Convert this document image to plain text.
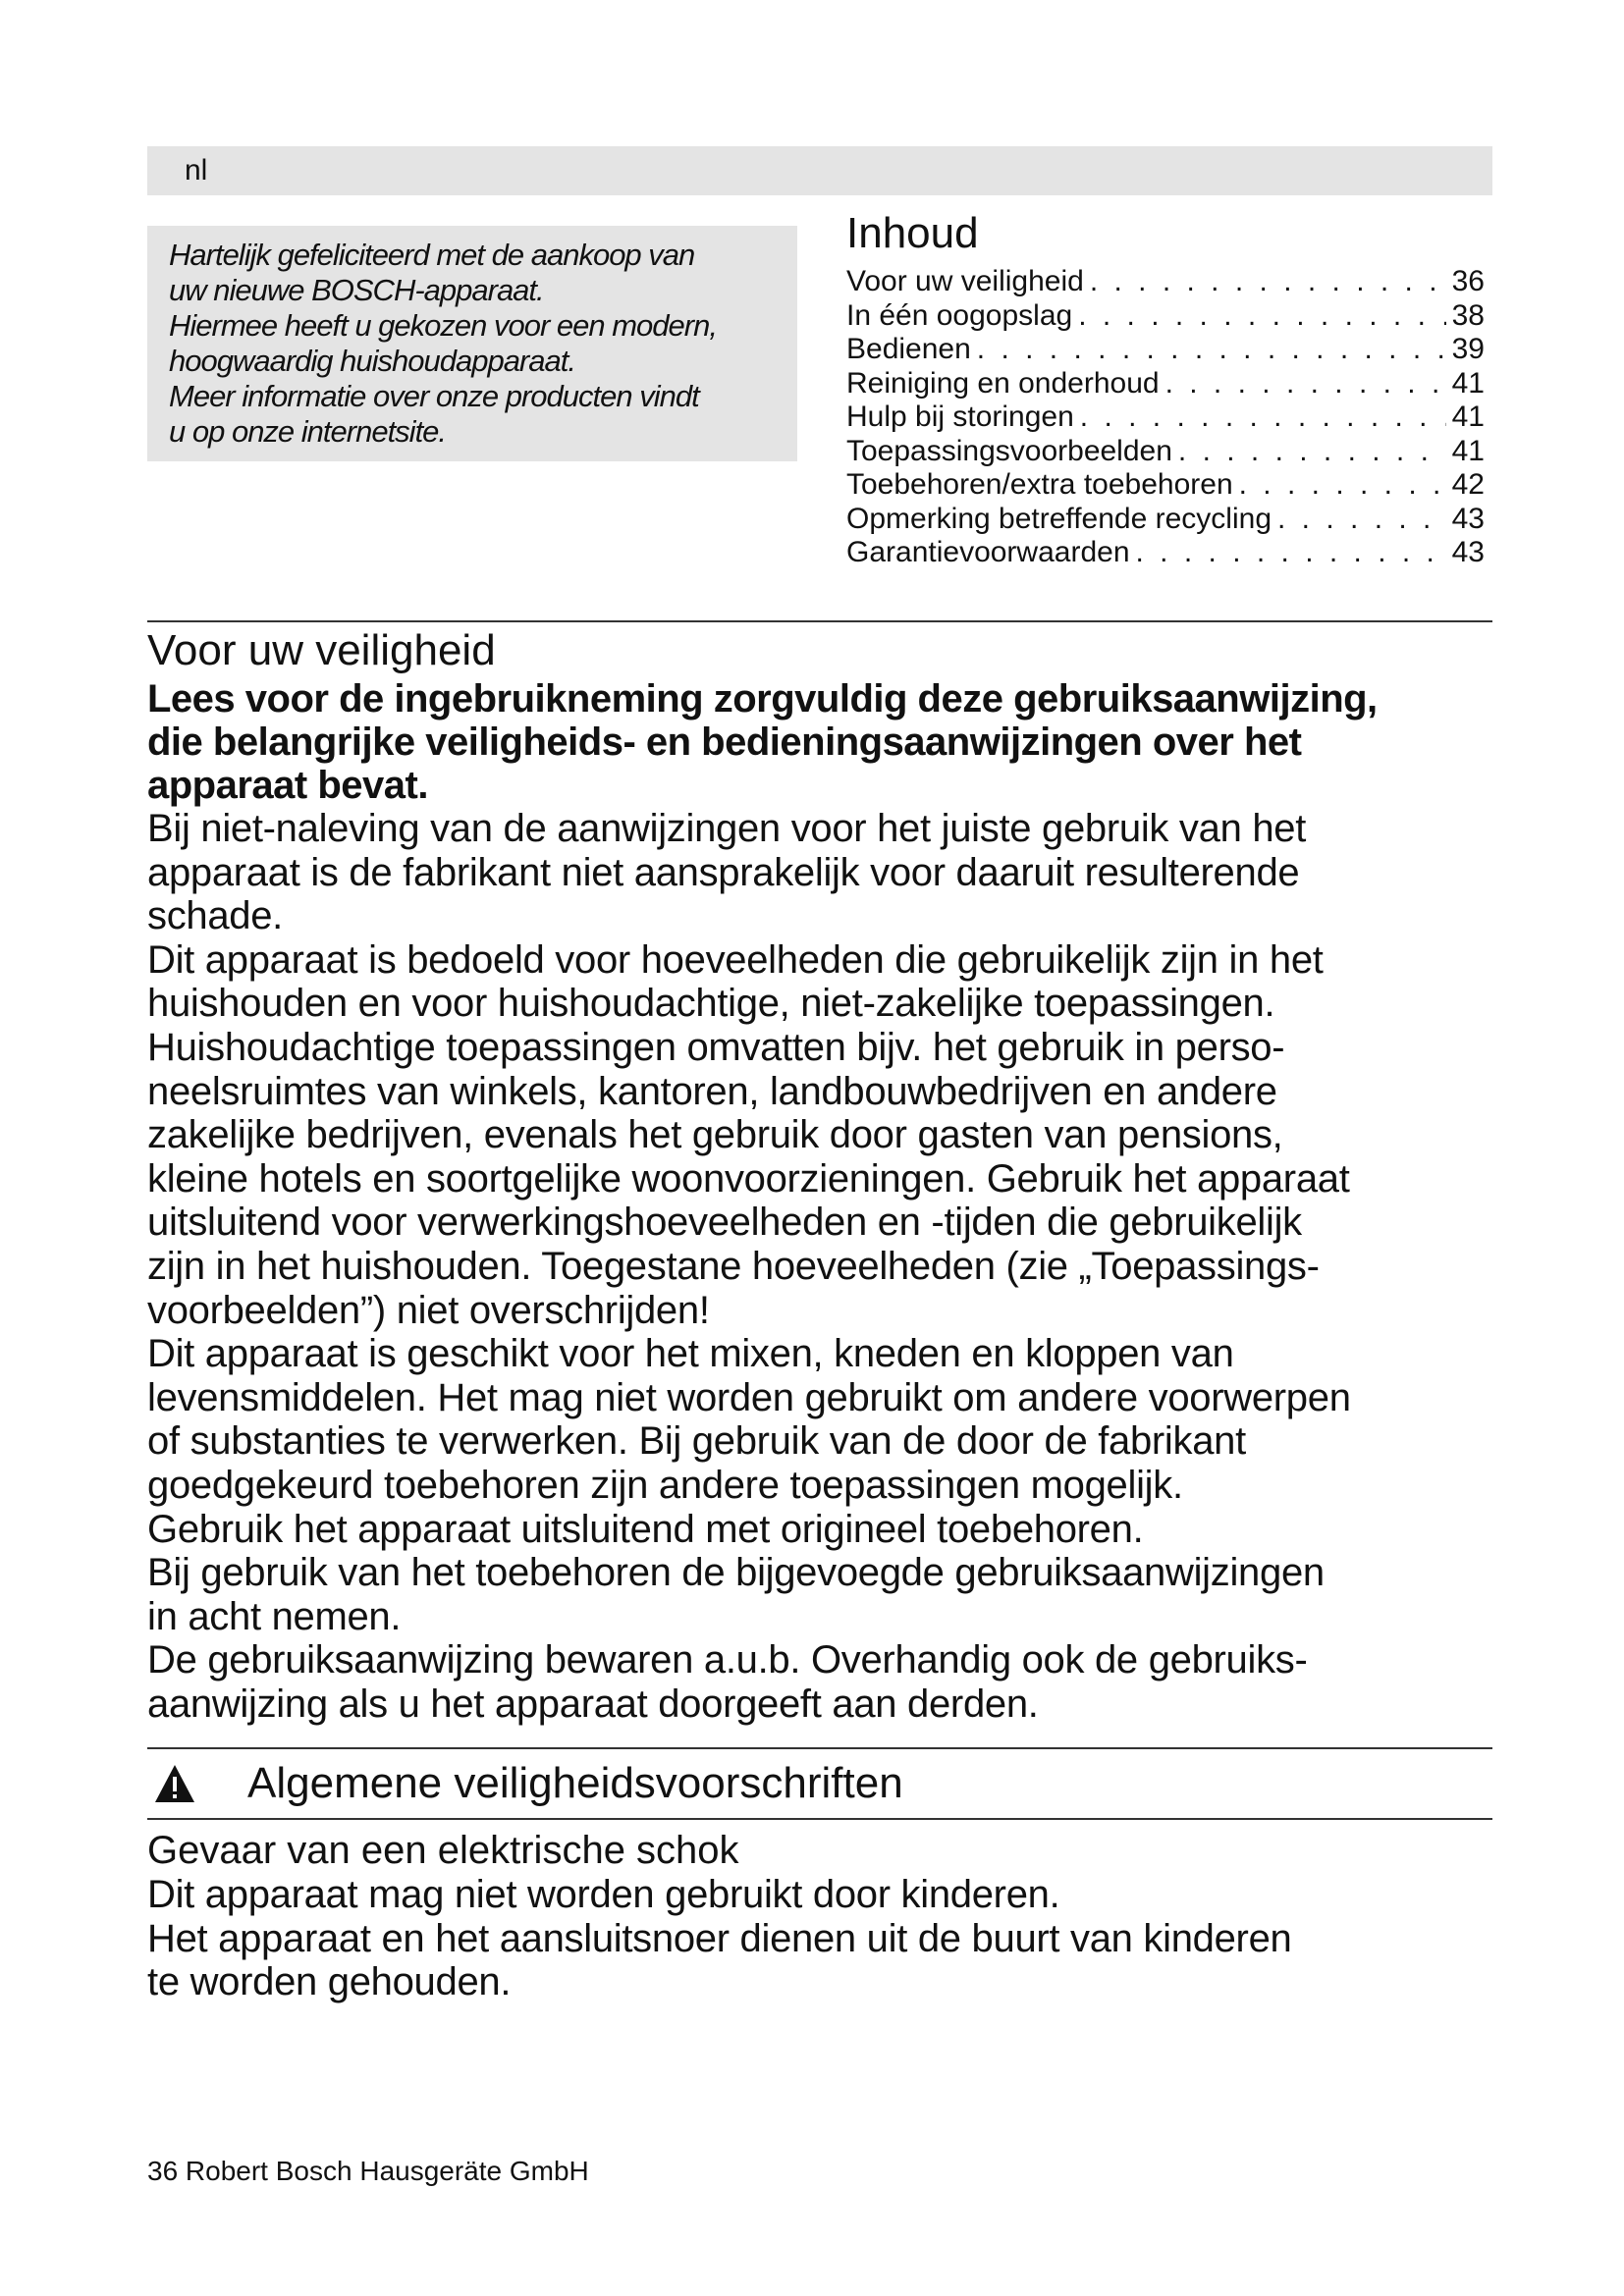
nl

Hartelijk gefeliciteerd met de aankoop van

uw nieuwe BOSCH-apparaat.

Hiermee heeft u gekozen voor een modern,

hoogwaardig huishoudapparaat.

Meer informatie over onze producten vindt

u op onze internetsite.

Inhoud
Voor uw veiligheid . . .	36
In één oogopslag . . .	38
Bedienen . . .	39
Reiniging en onderhoud . . .	41
Hulp bij storingen . . .	41
Toepassingsvoorbeelden . . .	41
Toebehoren/extra toebehoren . . .	42
Opmerking betreffende recycling . . .	43
Garantievoorwaarden . . .	43
Voor uw veiligheid

Lees voor de ingebruikneming zorgvuldig deze gebruiksaanwijzing,

die belangrijke veiligheids- en bedieningsaanwijzingen over het

apparaat bevat.

Bij niet-naleving van de aanwijzingen voor het juiste gebruik van het

apparaat is de fabrikant niet aansprakelijk voor daaruit resulterende

schade.

Dit apparaat is bedoeld voor hoeveelheden die gebruikelijk zijn in het

huishouden en voor huishoudachtige, niet-zakelijke toepassingen.

Huishoudachtige toepassingen omvatten bijv. het gebruik in perso-

neelsruimtes van winkels, kantoren, landbouwbedrijven en andere

zakelijke bedrijven, evenals het gebruik door gasten van pensions,

kleine hotels en soortgelijke woonvoorzieningen. Gebruik het apparaat

uitsluitend voor verwerkingshoeveelheden en -tijden die gebruikelijk

zijn in het huishouden. Toegestane hoeveelheden (zie „Toepassings-

voorbeelden”) niet overschrijden!

Dit apparaat is geschikt voor het mixen, kneden en kloppen van

levensmiddelen. Het mag niet worden gebruikt om andere voorwerpen

of substanties te verwerken. Bij gebruik van de door de fabrikant

goedgekeurd toebehoren zijn andere toepassingen mogelijk.

Gebruik het apparaat uitsluitend met origineel toebehoren.

Bij gebruik van het toebehoren de bijgevoegde gebruiksaanwijzingen

in acht nemen.

De gebruiksaanwijzing bewaren a.u.b. Overhandig ook de gebruiks-

aanwijzing als u het apparaat doorgeeft aan derden.

Algemene veiligheidsvoorschriften
Gevaar van een elektrische schok

Dit apparaat mag niet worden gebruikt door kinderen.

Het apparaat en het aansluitsnoer dienen uit de buurt van kinderen

te worden gehouden.

36 Robert Bosch Hausgeräte GmbH
